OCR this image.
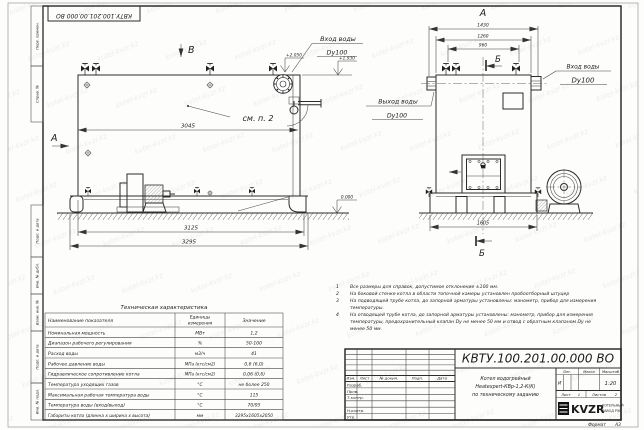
КВТУ.100.201.00.000 ВО
Перв. примен.
Справ. №
Подп. и дата
Инв. № дубл.
Взам. инв. №
Подп. и дата
Инв. № подл.
В
А
см. п. 2
3045
3125
3295
+2.050
+1.930
0.000
Вход воды
Dy100
А
1430
1260
960
Б
Б
1605
Вход воды
Dy100
Выход воды
Dy100
Техническая характеристика
Наименование показателя
Единицы
измерения	Значение
Номинальная мощность	МВт	1,2
Диапазон рабочего регулирования	%	50-100
Расход воды	м3/ч	41
Рабочее давление воды	МПа (кгс/см2)	0,6 (6,0)
Гидравлическое сопротивление котла	МПа (кгс/см2)	0,06 (0,6)
Температура уходящих газов	°С	не более 250
Максимальная рабочая температура воды	°С	115
Температура воды (вход/выход)	°С	70/95
Габариты котла (длинна х ширина х высота)	мм	3295х1605х2050
1 Все размеры для справок, допустимое отклонение ±100 мм.
2 На боковой стенке котла в области топочной камеры установлен пробоотборный штуцер
3 На подводящей трубе котла, до запорной арматуры установлены: манометр, прибор для измерения
температуры.
4 На отводящей трубе котла, до запорной арматуры установлены: манометр, прибор для измерения
температуры, предохранительный клапан Dy не менее 50 мм и отвод с обратным клапаном Dy не
менее 50 мм.
Изм. Лист	№ докум.	Подп.	Дата
Разраб.
Пров.
Т.контр.
Н.контр.
Утв.
КВТУ.100.201.00.000 ВО
Котел водогрейный
Heatexpert-КВр-1,2-К(К)
по техническому заданию
Лит.	Масса Масштаб
И	1:20
Лист 1	Листов 2
KVZR
КОТЕЛЬНЫЙ
ЗАВОД РЭП
Формат А3
